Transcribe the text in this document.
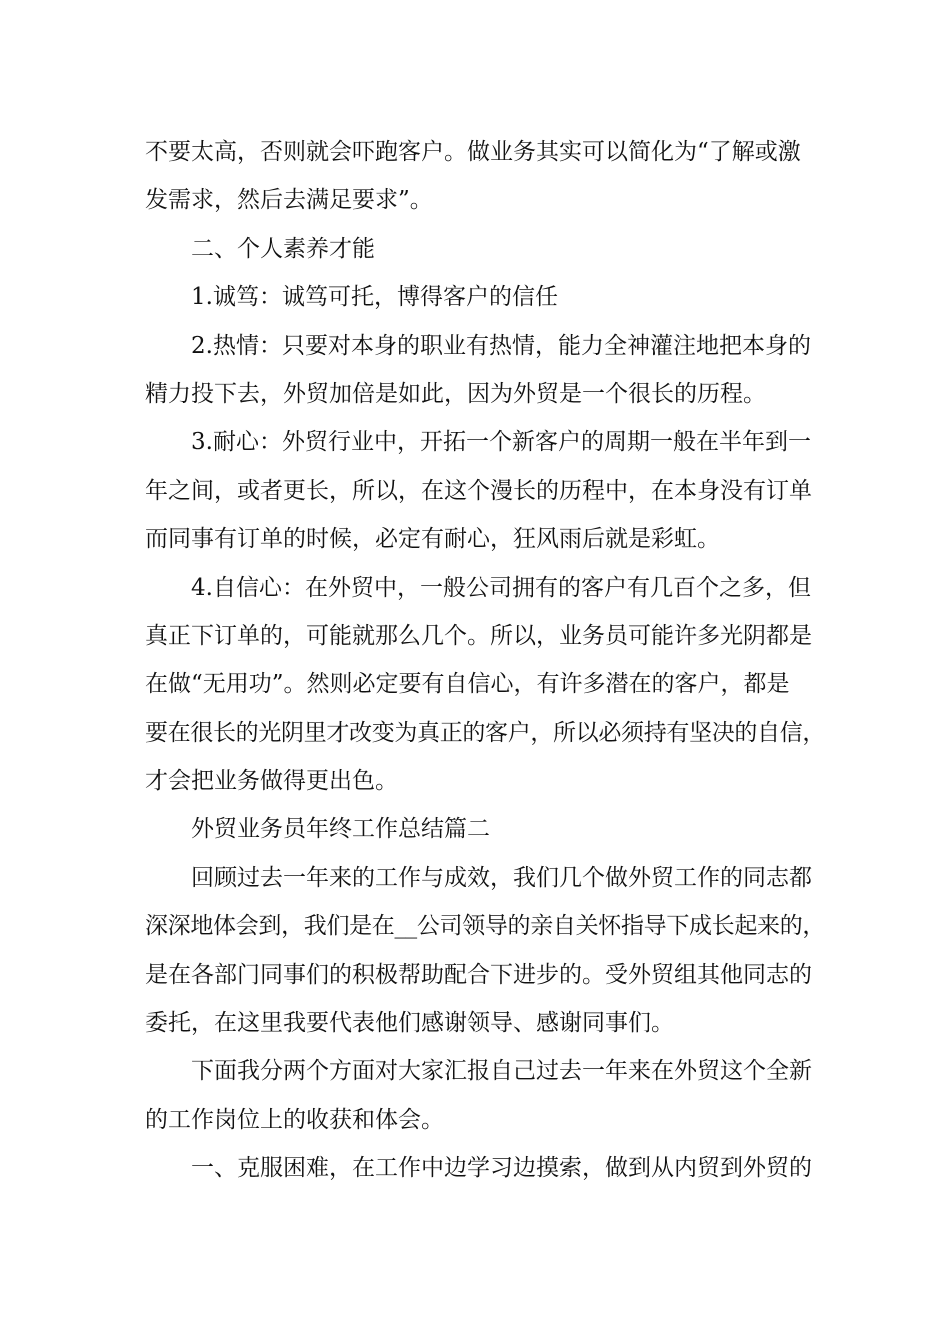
不要太高，否则就会吓跑客户。做业务其实可以简化为“了解或激
发需求，然后去满足要求”。
二、个人素养才能
1.诚笃：诚笃可托，博得客户的信任
2.热情：只要对本身的职业有热情，能力全神灌注地把本身的
精力投下去，外贸加倍是如此，因为外贸是一个很长的历程。
3.耐心：外贸行业中，开拓一个新客户的周期一般在半年到一
年之间，或者更长，所以，在这个漫长的历程中，在本身没有订单
而同事有订单的时候，必定有耐心，狂风雨后就是彩虹。
4.自信心：在外贸中，一般公司拥有的客户有几百个之多，但
真正下订单的，可能就那么几个。所以，业务员可能许多光阴都是
在做“无用功”。然则必定要有自信心，有许多潜在的客户，都是
要在很长的光阴里才改变为真正的客户，所以必须持有坚决的自信，
才会把业务做得更出色。
外贸业务员年终工作总结篇二
回顾过去一年来的工作与成效，我们几个做外贸工作的同志都
深深地体会到，我们是在__公司领导的亲自关怀指导下成长起来的，
是在各部门同事们的积极帮助配合下进步的。受外贸组其他同志的
委托，在这里我要代表他们感谢领导、感谢同事们。
下面我分两个方面对大家汇报自己过去一年来在外贸这个全新
的工作岗位上的收获和体会。
一、克服困难，在工作中边学习边摸索，做到从内贸到外贸的
